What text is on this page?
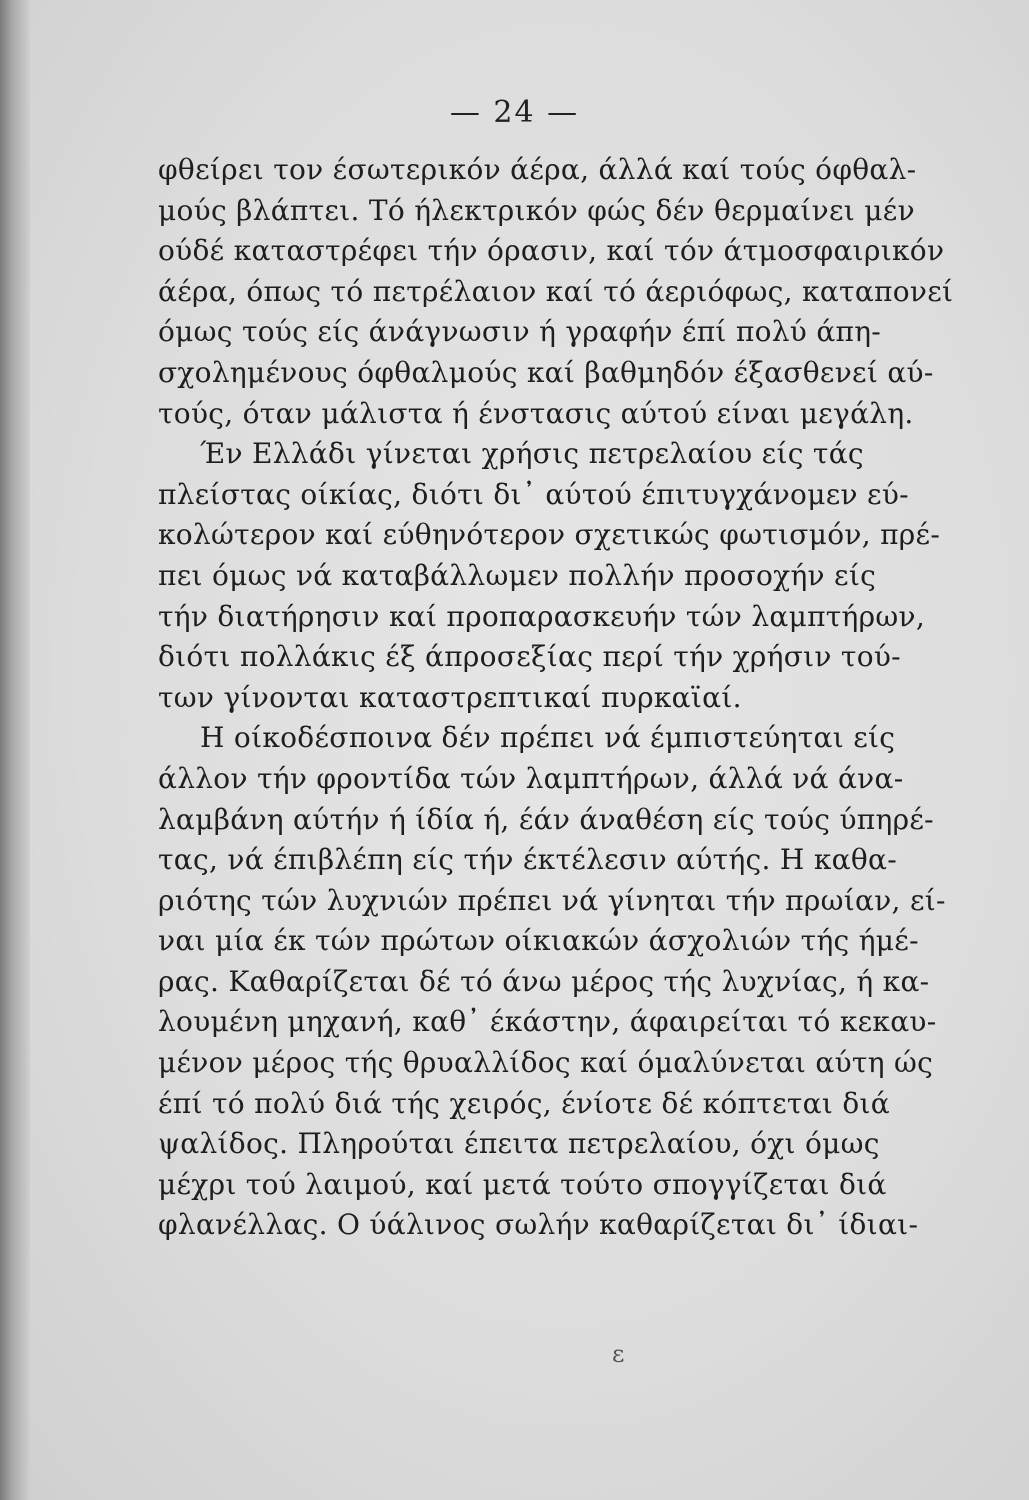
— 24 —
φθείρει τον έσωτερικόν άέρα, άλλά καί τούς όφθαλ-
μούς βλάπτει. Τό ήλεκτρικόν φώς δέν θερμαίνει μέν
ούδέ καταστρέφει τήν όρασιν, καί τόν άτμοσφαιρικόν
άέρα, όπως τό πετρέλαιον καί τό άεριόφως, καταπονεί
όμως τούς είς άνάγνωσιν ή γραφήν έπί πολύ άπη-
σχολημένους όφθαλμούς καί βαθμηδόν έξασθενεί αύ-
τούς, όταν μάλιστα ή ένστασις αύτού είναι μεγάλη.
Έν Ελλάδι γίνεται χρήσις πετρελαίου είς τάς
πλείστας οίκίας, διότι δι᾽ αύτού έπιτυγχάνομεν εύ-
κολώτερον καί εύθηνότερον σχετικώς φωτισμόν, πρέ-
πει όμως νά καταβάλλωμεν πολλήν προσοχήν είς
τήν διατήρησιν καί προπαρασκευήν τών λαμπτήρων,
διότι πολλάκις έξ άπροσεξίας περί τήν χρήσιν τού-
των γίνονται καταστρεπτικαί πυρκαϊαί.
Η οίκοδέσποινα δέν πρέπει νά έμπιστεύηται είς
άλλον τήν φροντίδα τών λαμπτήρων, άλλά νά άνα-
λαμβάνη αύτήν ή ίδία ή, έάν άναθέση είς τούς ύπηρέ-
τας, νά έπιβλέπη είς τήν έκτέλεσιν αύτής. Η καθα-
ριότης τών λυχνιών πρέπει νά γίνηται τήν πρωίαν, εί-
ναι μία έκ τών πρώτων οίκιακών άσχολιών τής ήμέ-
ρας. Καθαρίζεται δέ τό άνω μέρος τής λυχνίας, ή κα-
λουμένη μηχανή, καθ᾽ έκάστην, άφαιρείται τό κεκαυ-
μένον μέρος τής θρυαλλίδος καί όμαλύνεται αύτη ώς
έπί τό πολύ διά τής χειρός, ένίοτε δέ κόπτεται διά
ψαλίδος. Πληρούται έπειτα πετρελαίου, όχι όμως
μέχρι τού λαιμού, καί μετά τούτο σπογγίζεται διά
φλανέλλας. Ο ύάλινος σωλήν καθαρίζεται δι᾽ ίδιαι-
ε
